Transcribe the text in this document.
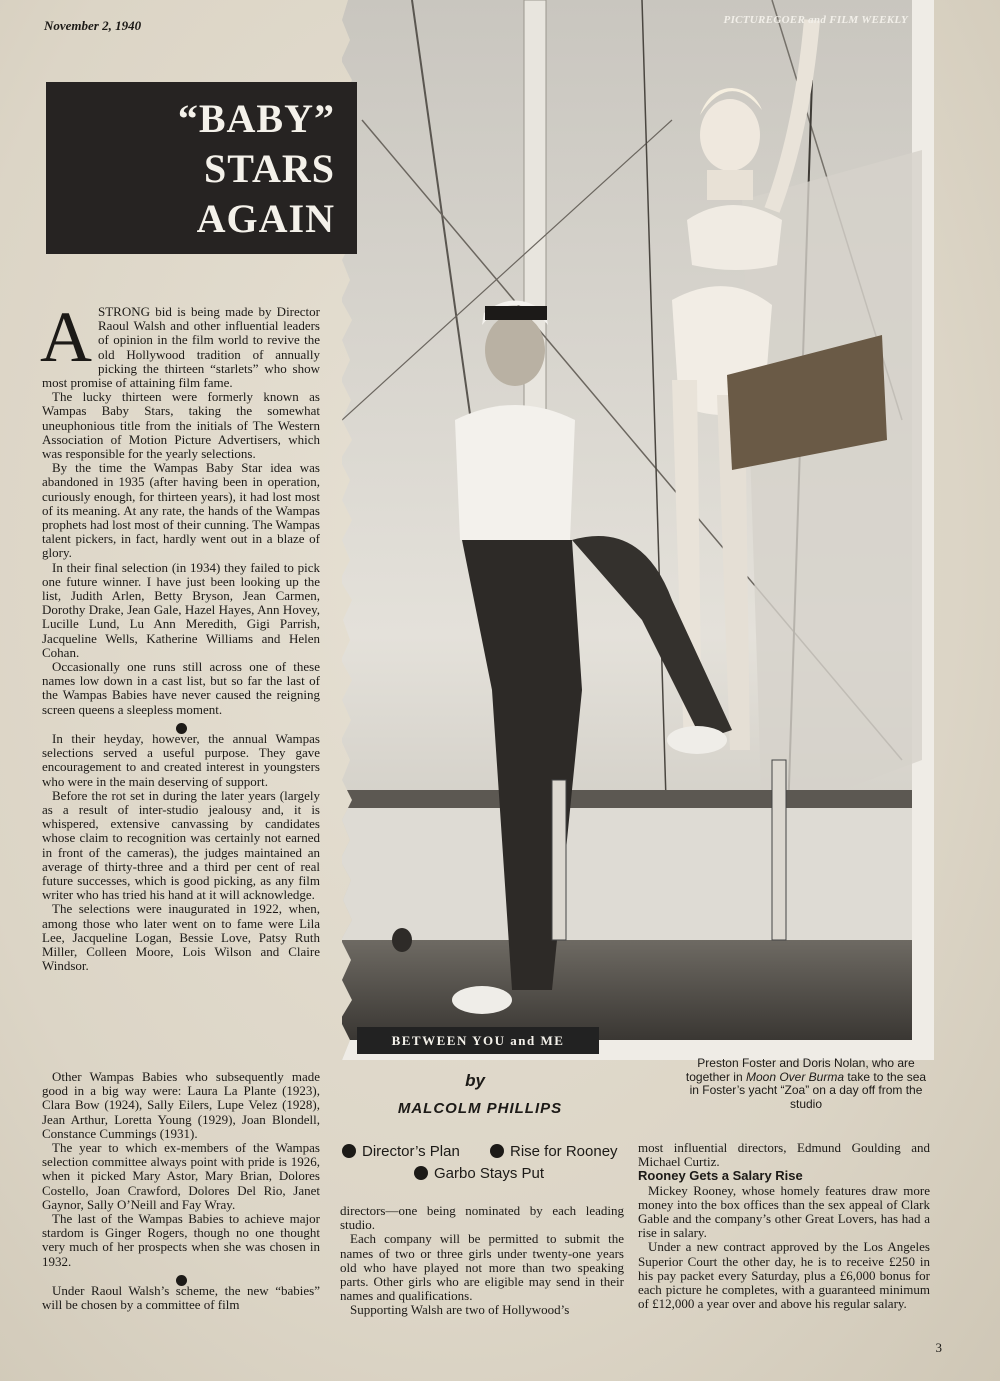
November 2, 1940	PICTUREGOER and FILM WEEKLY
“BABY”
STARS
AGAIN
A STRONG bid is being made by Director Raoul Walsh and other influential leaders of opinion in the film world to revive the old Hollywood tradition of annually picking the thirteen “starlets” who show most promise of attaining film fame.

The lucky thirteen were formerly known as Wampas Baby Stars, taking the somewhat uneuphonious title from the initials of The Western Association of Motion Picture Advertisers, which was responsible for the yearly selections.

By the time the Wampas Baby Star idea was abandoned in 1935 (after having been in operation, curiously enough, for thirteen years), it had lost most of its meaning. At any rate, the hands of the Wampas prophets had lost most of their cunning. The Wampas talent pickers, in fact, hardly went out in a blaze of glory.

In their final selection (in 1934) they failed to pick one future winner. I have just been looking up the list, Judith Arlen, Betty Bryson, Jean Carmen, Dorothy Drake, Jean Gale, Hazel Hayes, Ann Hovey, Lucille Lund, Lu Ann Meredith, Gigi Parrish, Jacqueline Wells, Katherine Williams and Helen Cohan.

Occasionally one runs still across one of these names low down in a cast list, but so far the last of the Wampas Babies have never caused the reigning screen queens a sleepless moment.

In their heyday, however, the annual Wampas selections served a useful purpose. They gave encouragement to and created interest in youngsters who were in the main deserving of support.

Before the rot set in during the later years (largely as a result of inter-studio jealousy and, it is whispered, extensive canvassing by candidates whose claim to recognition was certainly not earned in front of the cameras), the judges maintained an average of thirty-three and a third per cent of real future successes, which is good picking, as any film writer who has tried his hand at it will acknowledge.

The selections were inaugurated in 1922, when, among those who later went on to fame were Lila Lee, Jacqueline Logan, Bessie Love, Patsy Ruth Miller, Colleen Moore, Lois Wilson and Claire Windsor.

Other Wampas Babies who subsequently made good in a big way were: Laura La Plante (1923), Clara Bow (1924), Sally Eilers, Lupe Velez (1928), Jean Arthur, Loretta Young (1929), Joan Blondell, Constance Cummings (1931).

The year to which ex-members of the Wampas selection committee always point with pride is 1926, when it picked Mary Astor, Mary Brian, Dolores Costello, Joan Crawford, Dolores Del Rio, Janet Gaynor, Sally O’Neill and Fay Wray.

The last of the Wampas Babies to achieve major stardom is Ginger Rogers, though no one thought very much of her prospects when she was chosen in 1932.

Under Raoul Walsh’s scheme, the new “babies” will be chosen by a committee of film

BETWEEN YOU and ME
by
MALCOLM PHILLIPS
Preston Foster and Doris Nolan, who are together in Moon Over Burma take to the sea in Foster’s yacht “Zoa” on a day off from the studio
Director’s Plan	Rise for Rooney
Garbo Stays Put

directors—one being nominated by each leading studio.

Each company will be permitted to submit the names of two or three girls under twenty-one years old who have played not more than two speaking parts. Other girls who are eligible may send in their names and qualifications.

Supporting Walsh are two of Hollywood’s

most influential directors, Edmund Goulding and Michael Curtiz.

Rooney Gets a Salary Rise

Mickey Rooney, whose homely features draw more money into the box offices than the sex appeal of Clark Gable and the company’s other Great Lovers, has had a rise in salary.

Under a new contract approved by the Los Angeles Superior Court the other day, he is to receive £250 in his pay packet every Saturday, plus a £6,000 bonus for each picture he completes, with a guaranteed minimum of £12,000 a year over and above his regular salary.

3
